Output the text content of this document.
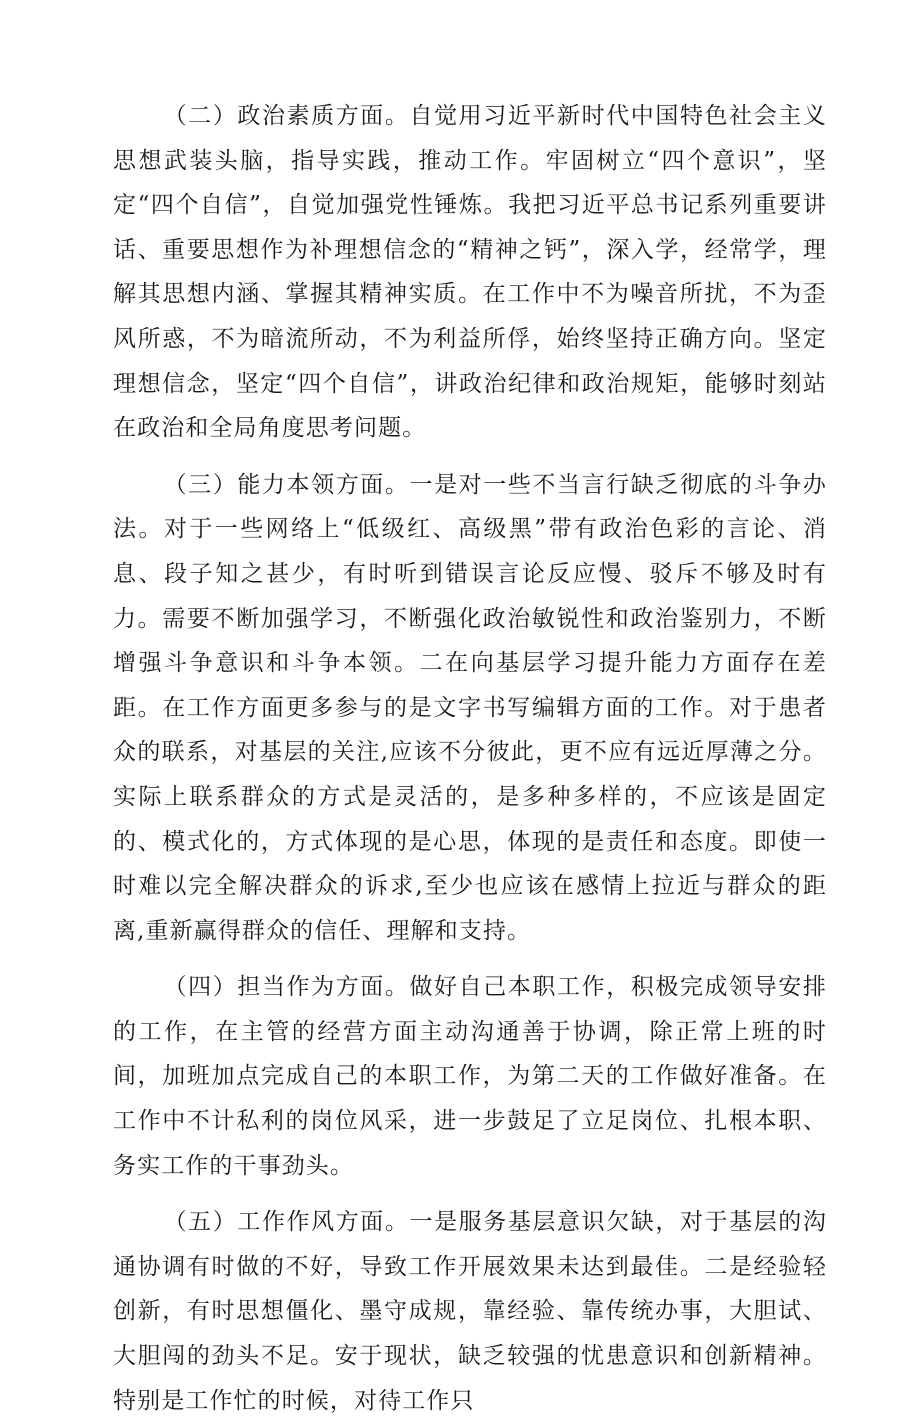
（二）政治素质方面。自觉用习近平新时代中国特色社会主义思想武装头脑，指导实践，推动工作。牢固树立“四个意识”，坚定“四个自信”，自觉加强党性锤炼。我把习近平总书记系列重要讲话、重要思想作为补理想信念的“精神之钙”，深入学，经常学，理解其思想内涵、掌握其精神实质。在工作中不为噪音所扰，不为歪风所惑，不为暗流所动，不为利益所俘，始终坚持正确方向。坚定理想信念，坚定“四个自信”，讲政治纪律和政治规矩，能够时刻站在政治和全局角度思考问题。

（三）能力本领方面。一是对一些不当言行缺乏彻底的斗争办法。对于一些网络上“低级红、高级黑”带有政治色彩的言论、消息、段子知之甚少，有时听到错误言论反应慢、驳斥不够及时有力。需要不断加强学习，不断强化政治敏锐性和政治鉴别力，不断增强斗争意识和斗争本领。二在向基层学习提升能力方面存在差距。在工作方面更多参与的是文字书写编辑方面的工作。对于患者众的联系，对基层的关注,应该不分彼此，更不应有远近厚薄之分。实际上联系群众的方式是灵活的，是多种多样的，不应该是固定的、模式化的，方式体现的是心思，体现的是责任和态度。即使一时难以完全解决群众的诉求,至少也应该在感情上拉近与群众的距离,重新赢得群众的信任、理解和支持。

（四）担当作为方面。做好自己本职工作，积极完成领导安排的工作，在主管的经营方面主动沟通善于协调，除正常上班的时间，加班加点完成自己的本职工作，为第二天的工作做好准备。在工作中不计私利的岗位风采，进一步鼓足了立足岗位、扎根本职、务实工作的干事劲头。

（五）工作作风方面。一是服务基层意识欠缺，对于基层的沟通协调有时做的不好，导致工作开展效果未达到最佳。二是经验轻创新，有时思想僵化、墨守成规，靠经验、靠传统办事，大胆试、大胆闯的劲头不足。安于现状，缺乏较强的忧患意识和创新精神。特别是工作忙的时候，对待工作只
